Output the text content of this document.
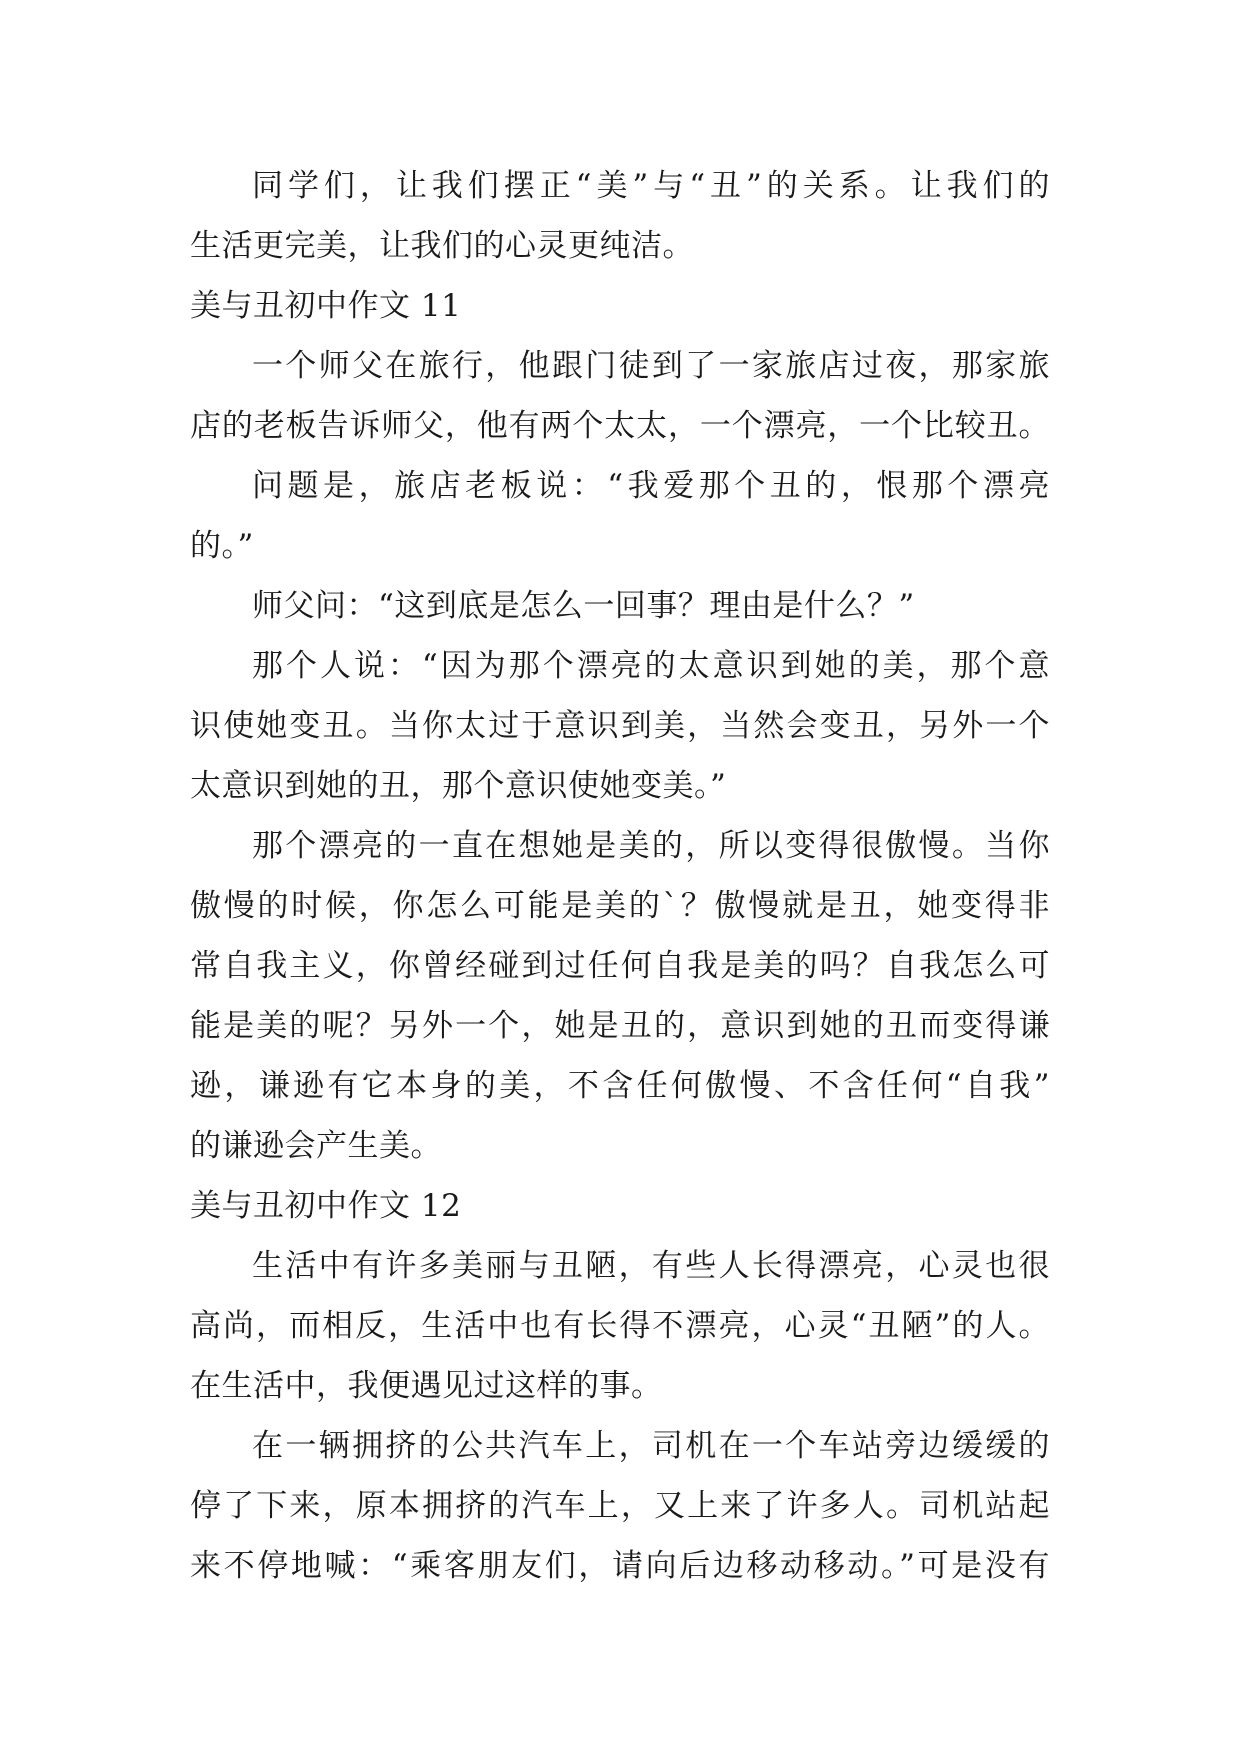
同学们，让我们摆正“美”与“丑”的关系。让我们的
生活更完美，让我们的心灵更纯洁。
美与丑初中作文 11
一个师父在旅行，他跟门徒到了一家旅店过夜，那家旅
店的老板告诉师父，他有两个太太，一个漂亮，一个比较丑。
问题是，旅店老板说：“我爱那个丑的，恨那个漂亮
的。”
师父问：“这到底是怎么一回事？理由是什么？”
那个人说：“因为那个漂亮的太意识到她的美，那个意
识使她变丑。当你太过于意识到美，当然会变丑，另外一个
太意识到她的丑，那个意识使她变美。”
那个漂亮的一直在想她是美的，所以变得很傲慢。当你
傲慢的时候，你怎么可能是美的`？傲慢就是丑，她变得非
常自我主义，你曾经碰到过任何自我是美的吗？自我怎么可
能是美的呢？另外一个，她是丑的，意识到她的丑而变得谦
逊，谦逊有它本身的美，不含任何傲慢、不含任何“自我”
的谦逊会产生美。
美与丑初中作文 12
生活中有许多美丽与丑陋，有些人长得漂亮，心灵也很
高尚，而相反，生活中也有长得不漂亮，心灵“丑陋”的人。
在生活中，我便遇见过这样的事。
在一辆拥挤的公共汽车上，司机在一个车站旁边缓缓的
停了下来，原本拥挤的汽车上，又上来了许多人。司机站起
来不停地喊：“乘客朋友们，请向后边移动移动。”可是没有
